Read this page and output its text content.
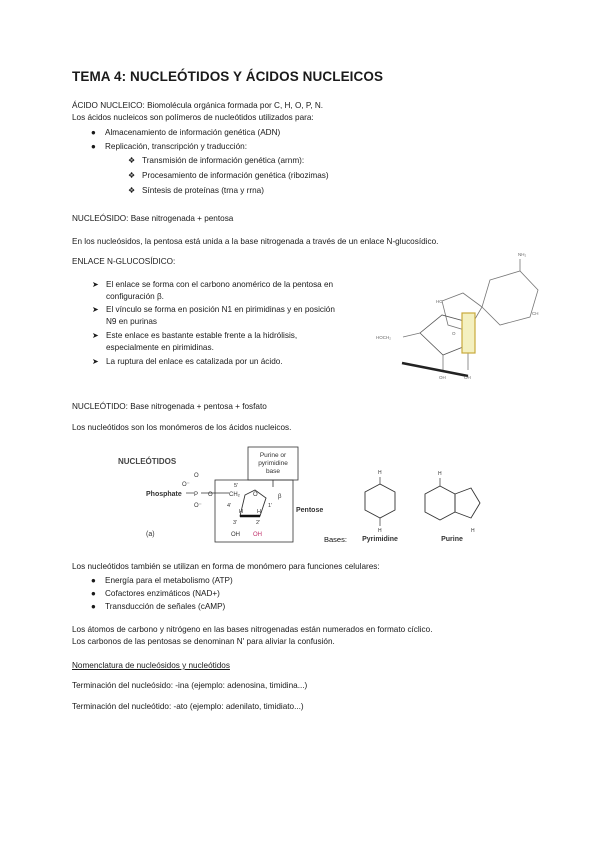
TEMA 4: NUCLEÓTIDOS Y ÁCIDOS NUCLEICOS
ÁCIDO NUCLEICO: Biomolécula orgánica formada por C, H, O, P, N.
Los ácidos nucleicos son polímeros de nucleótidos utilizados para:
●	Almacenamiento de información genética (ADN)
●	Replicación, transcripción y traducción:
❖ Transmisión de información genética (arnm):
❖ Procesamiento de información genética (ribozimas)
❖ Síntesis de proteínas (trna y rrna)
NUCLEÓSIDO: Base nitrogenada + pentosa
En los nucleósidos, la pentosa está unida a la base nitrogenada a través de un enlace N-glucosídico.
ENLACE N-GLUCOSÍDICO:
➤ El enlace se forma con el carbono anomérico de la pentosa en
configuración β.
➤ El vínculo se forma en posición N1 en pirimidinas y en posición
N9 en purinas
➤ Este enlace es bastante estable frente a la hidrólisis,
especialmente en pirimidinas.
➤ La ruptura del enlace es catalizada por un ácido.
NH₂
CH
HC
HOCH₂
OH	OH
O
NUCLEÓTIDO: Base nitrogenada + pentosa + fosfato
Los nucleótidos son los monómeros de los ácidos nucleicos.
NUCLEÓTIDOS
Purine or
pyrimidine
base
Phosphate
O
O⁻
P
O⁻
O	CH₂
5'
O
4'	1'
β
3'	2'
H	H
OH OH
Pentose
(a)
Bases:
H
H
Pyrimidine
H
H
Purine
Los nucleótidos también se utilizan en forma de monómero para funciones celulares:
●	Energía para el metabolismo (ATP)
●	Cofactores enzimáticos (NAD+)
●	Transducción de señales (cAMP)
Los átomos de carbono y nitrógeno en las bases nitrogenadas están numerados en formato cíclico.
Los carbonos de las pentosas se denominan N' para aliviar la confusión.
Nomenclatura de nucleósidos y nucleótidos
Terminación del nucleósido: -ina (ejemplo: adenosina, timidina...)
Terminación del nucleótido: -ato (ejemplo: adenilato, timidiato...)
